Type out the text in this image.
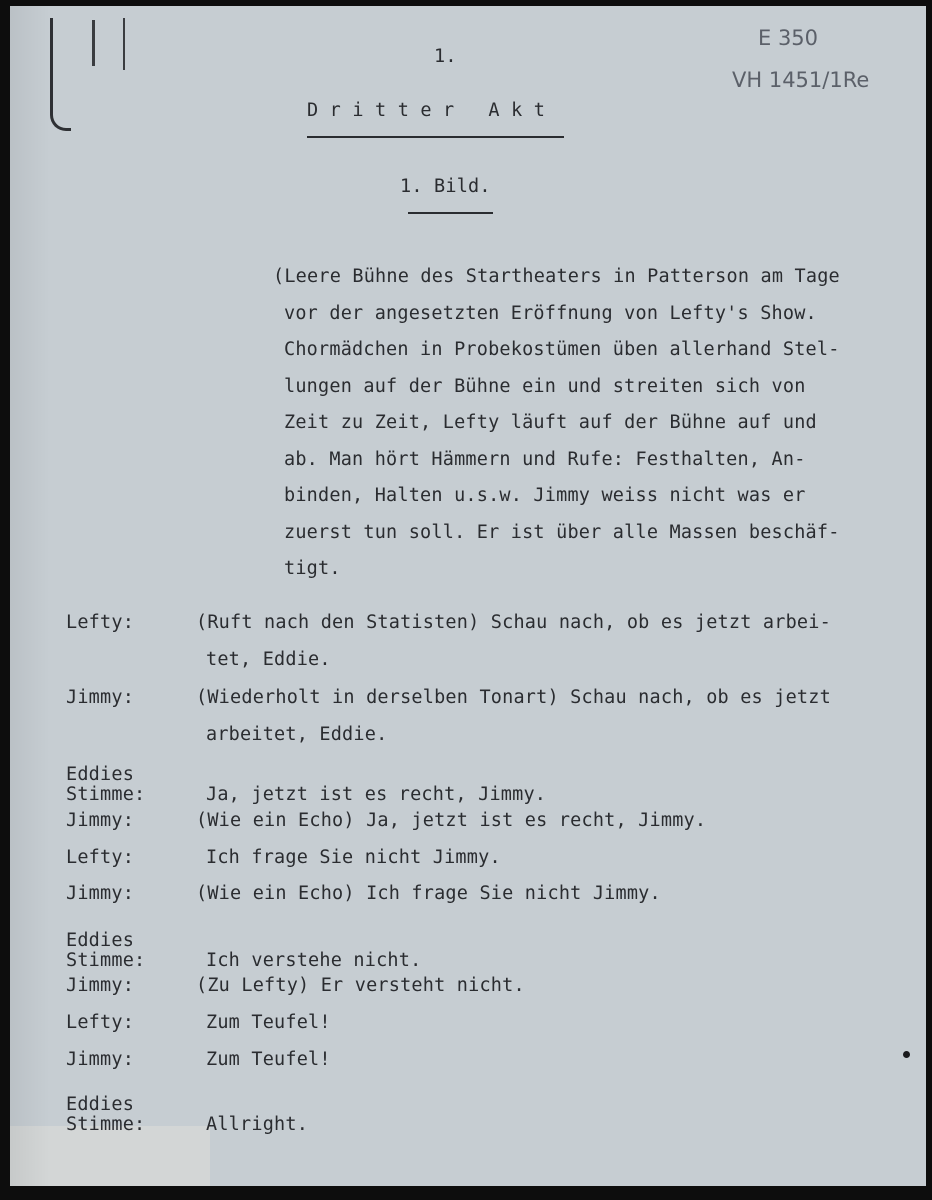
1.
E 350
VH 1451/1Re
D r i t t e r   A k t
1. Bild.
(Leere Bühne des Startheaters in Patterson am Tage
vor der angesetzten Eröffnung von Lefty's Show.
Chormädchen in Probekostümen üben allerhand Stel-
lungen auf der Bühne ein und streiten sich von
Zeit zu Zeit, Lefty läuft auf der Bühne auf und
ab. Man hört Hämmern und Rufe: Festhalten, An-
binden, Halten u.s.w. Jimmy weiss nicht was er
zuerst tun soll. Er ist über alle Massen beschäf-
tigt.
Lefty:	(Ruft nach den Statisten) Schau nach, ob es jetzt arbei-
tet, Eddie.
Jimmy:	(Wiederholt in derselben Tonart) Schau nach, ob es jetzt
arbeitet, Eddie.
Eddies
Stimme:	Ja, jetzt ist es recht, Jimmy.
Jimmy:	(Wie ein Echo) Ja, jetzt ist es recht, Jimmy.
Lefty:	Ich frage Sie nicht Jimmy.
Jimmy:	(Wie ein Echo) Ich frage Sie nicht Jimmy.
Eddies
Stimme:	Ich verstehe nicht.
Jimmy:	(Zu Lefty) Er versteht nicht.
Lefty:	Zum Teufel!
Jimmy:	Zum Teufel!
Eddies
Stimme:	Allright.
